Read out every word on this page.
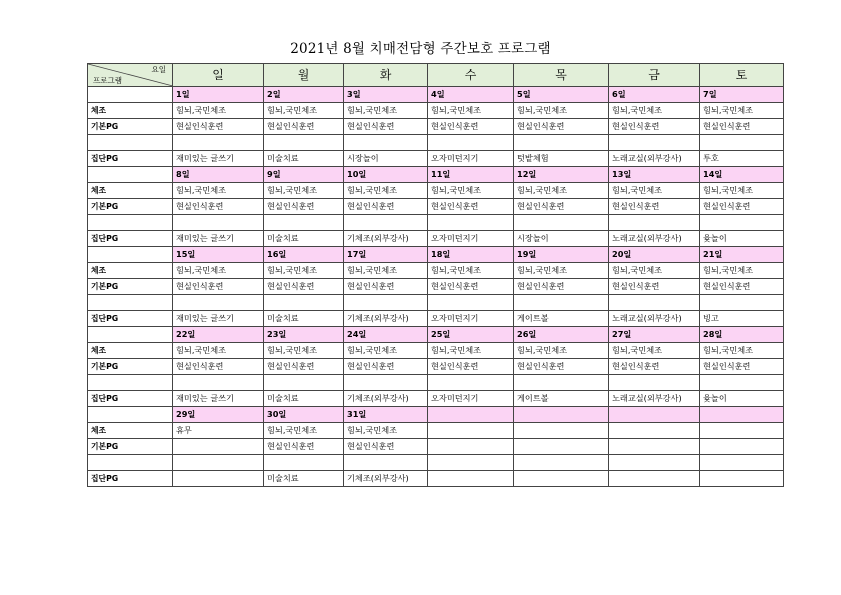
2021년 8월 치매전담형 주간보호 프로그램
요일
프로그램	일	월	화	수	목	금	토
	1일	2일	3일	4일	5일	6일	7일
체조	힘뇌,국민체조	힘뇌,국민체조	힘뇌,국민체조	힘뇌,국민체조	힘뇌,국민체조	힘뇌,국민체조	힘뇌,국민체조
기본PG	현실인식훈련	현실인식훈련	현실인식훈련	현실인식훈련	현실인식훈련	현실인식훈련	현실인식훈련

집단PG	재미있는 글쓰기	미술치료	시장놀이	오자미던지기	텃밭체험	노래교실(외부강사)	투호
	8일	9일	10일	11일	12일	13일	14일
체조	힘뇌,국민체조	힘뇌,국민체조	힘뇌,국민체조	힘뇌,국민체조	힘뇌,국민체조	힘뇌,국민체조	힘뇌,국민체조
기본PG	현실인식훈련	현실인식훈련	현실인식훈련	현실인식훈련	현실인식훈련	현실인식훈련	현실인식훈련

집단PG	재미있는 글쓰기	미술치료	기체조(외부강사)	오자미던지기	시장놀이	노래교실(외부강사)	윷놀이
	15일	16일	17일	18일	19일	20일	21일
체조	힘뇌,국민체조	힘뇌,국민체조	힘뇌,국민체조	힘뇌,국민체조	힘뇌,국민체조	힘뇌,국민체조	힘뇌,국민체조
기본PG	현실인식훈련	현실인식훈련	현실인식훈련	현실인식훈련	현실인식훈련	현실인식훈련	현실인식훈련

집단PG	재미있는 글쓰기	미술치료	기체조(외부강사)	오자미던지기	게이트볼	노래교실(외부강사)	빙고
	22일	23일	24일	25일	26일	27일	28일
체조	힘뇌,국민체조	힘뇌,국민체조	힘뇌,국민체조	힘뇌,국민체조	힘뇌,국민체조	힘뇌,국민체조	힘뇌,국민체조
기본PG	현실인식훈련	현실인식훈련	현실인식훈련	현실인식훈련	현실인식훈련	현실인식훈련	현실인식훈련

집단PG	재미있는 글쓰기	미술치료	기체조(외부강사)	오자미던지기	게이트볼	노래교실(외부강사)	윷놀이
	29일	30일	31일				
체조	휴무	힘뇌,국민체조	힘뇌,국민체조				
기본PG		현실인식훈련	현실인식훈련				

집단PG		미술치료	기체조(외부강사)				
